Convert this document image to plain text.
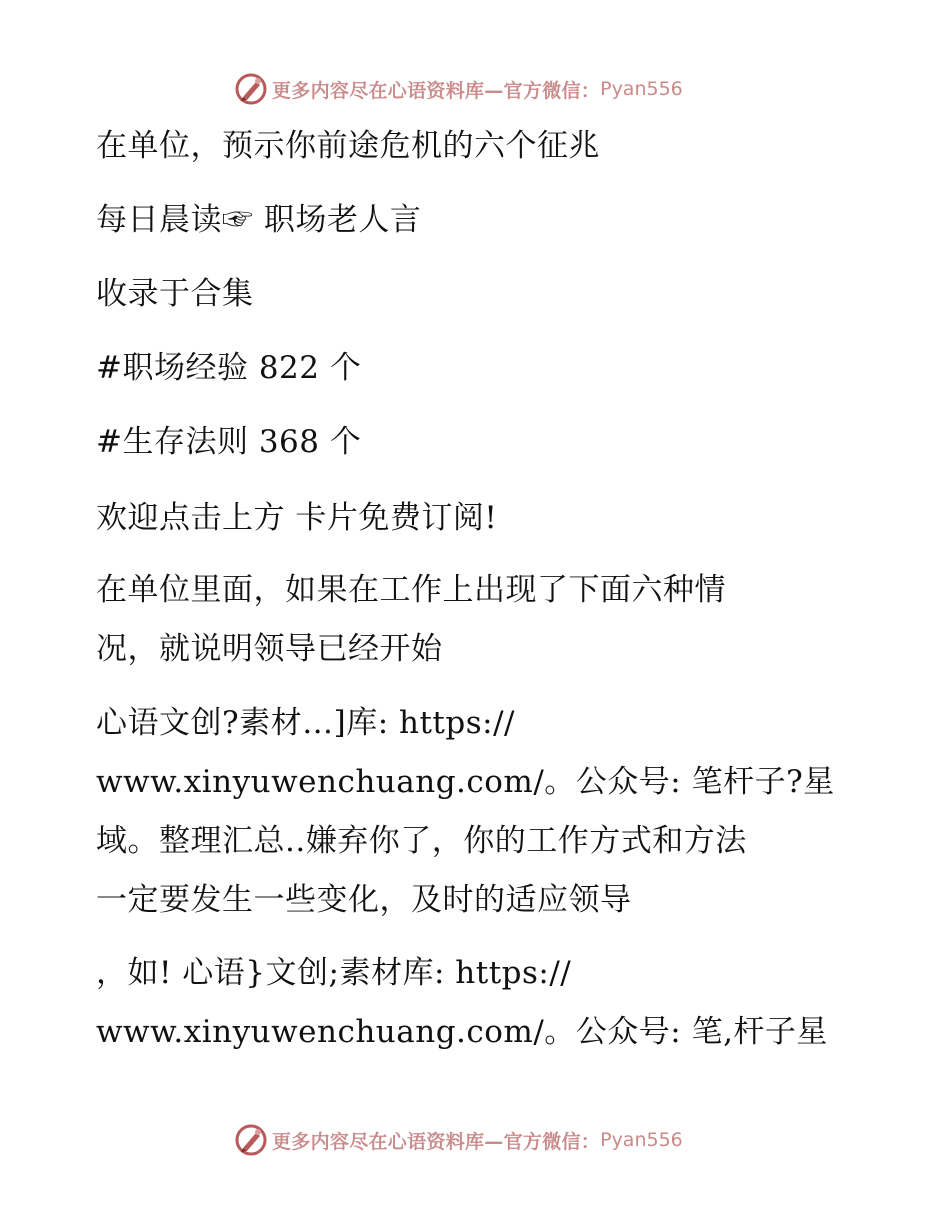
更多内容尽在心语资料库—官方微信： Pyan556
在单位，预示你前途危机的六个征兆
每日晨读☞ 职场老人言
收录于合集
#职场经验 822 个
#生存法则 368 个
欢迎点击上方 卡片免费订阅!
在单位里面，如果在工作上出现了下面六种情
况，就说明领导已经开始
心语文创?素材…]库: https://
www.xinyuwenchuang.com/。公众号: 笔杆子?星
域。整理汇总..嫌弃你了，你的工作方式和方法
一定要发生一些变化，及时的适应领导
，如! 心语}文创;素材库: https://
www.xinyuwenchuang.com/。公众号: 笔,杆子星
更多内容尽在心语资料库—官方微信： Pyan556
